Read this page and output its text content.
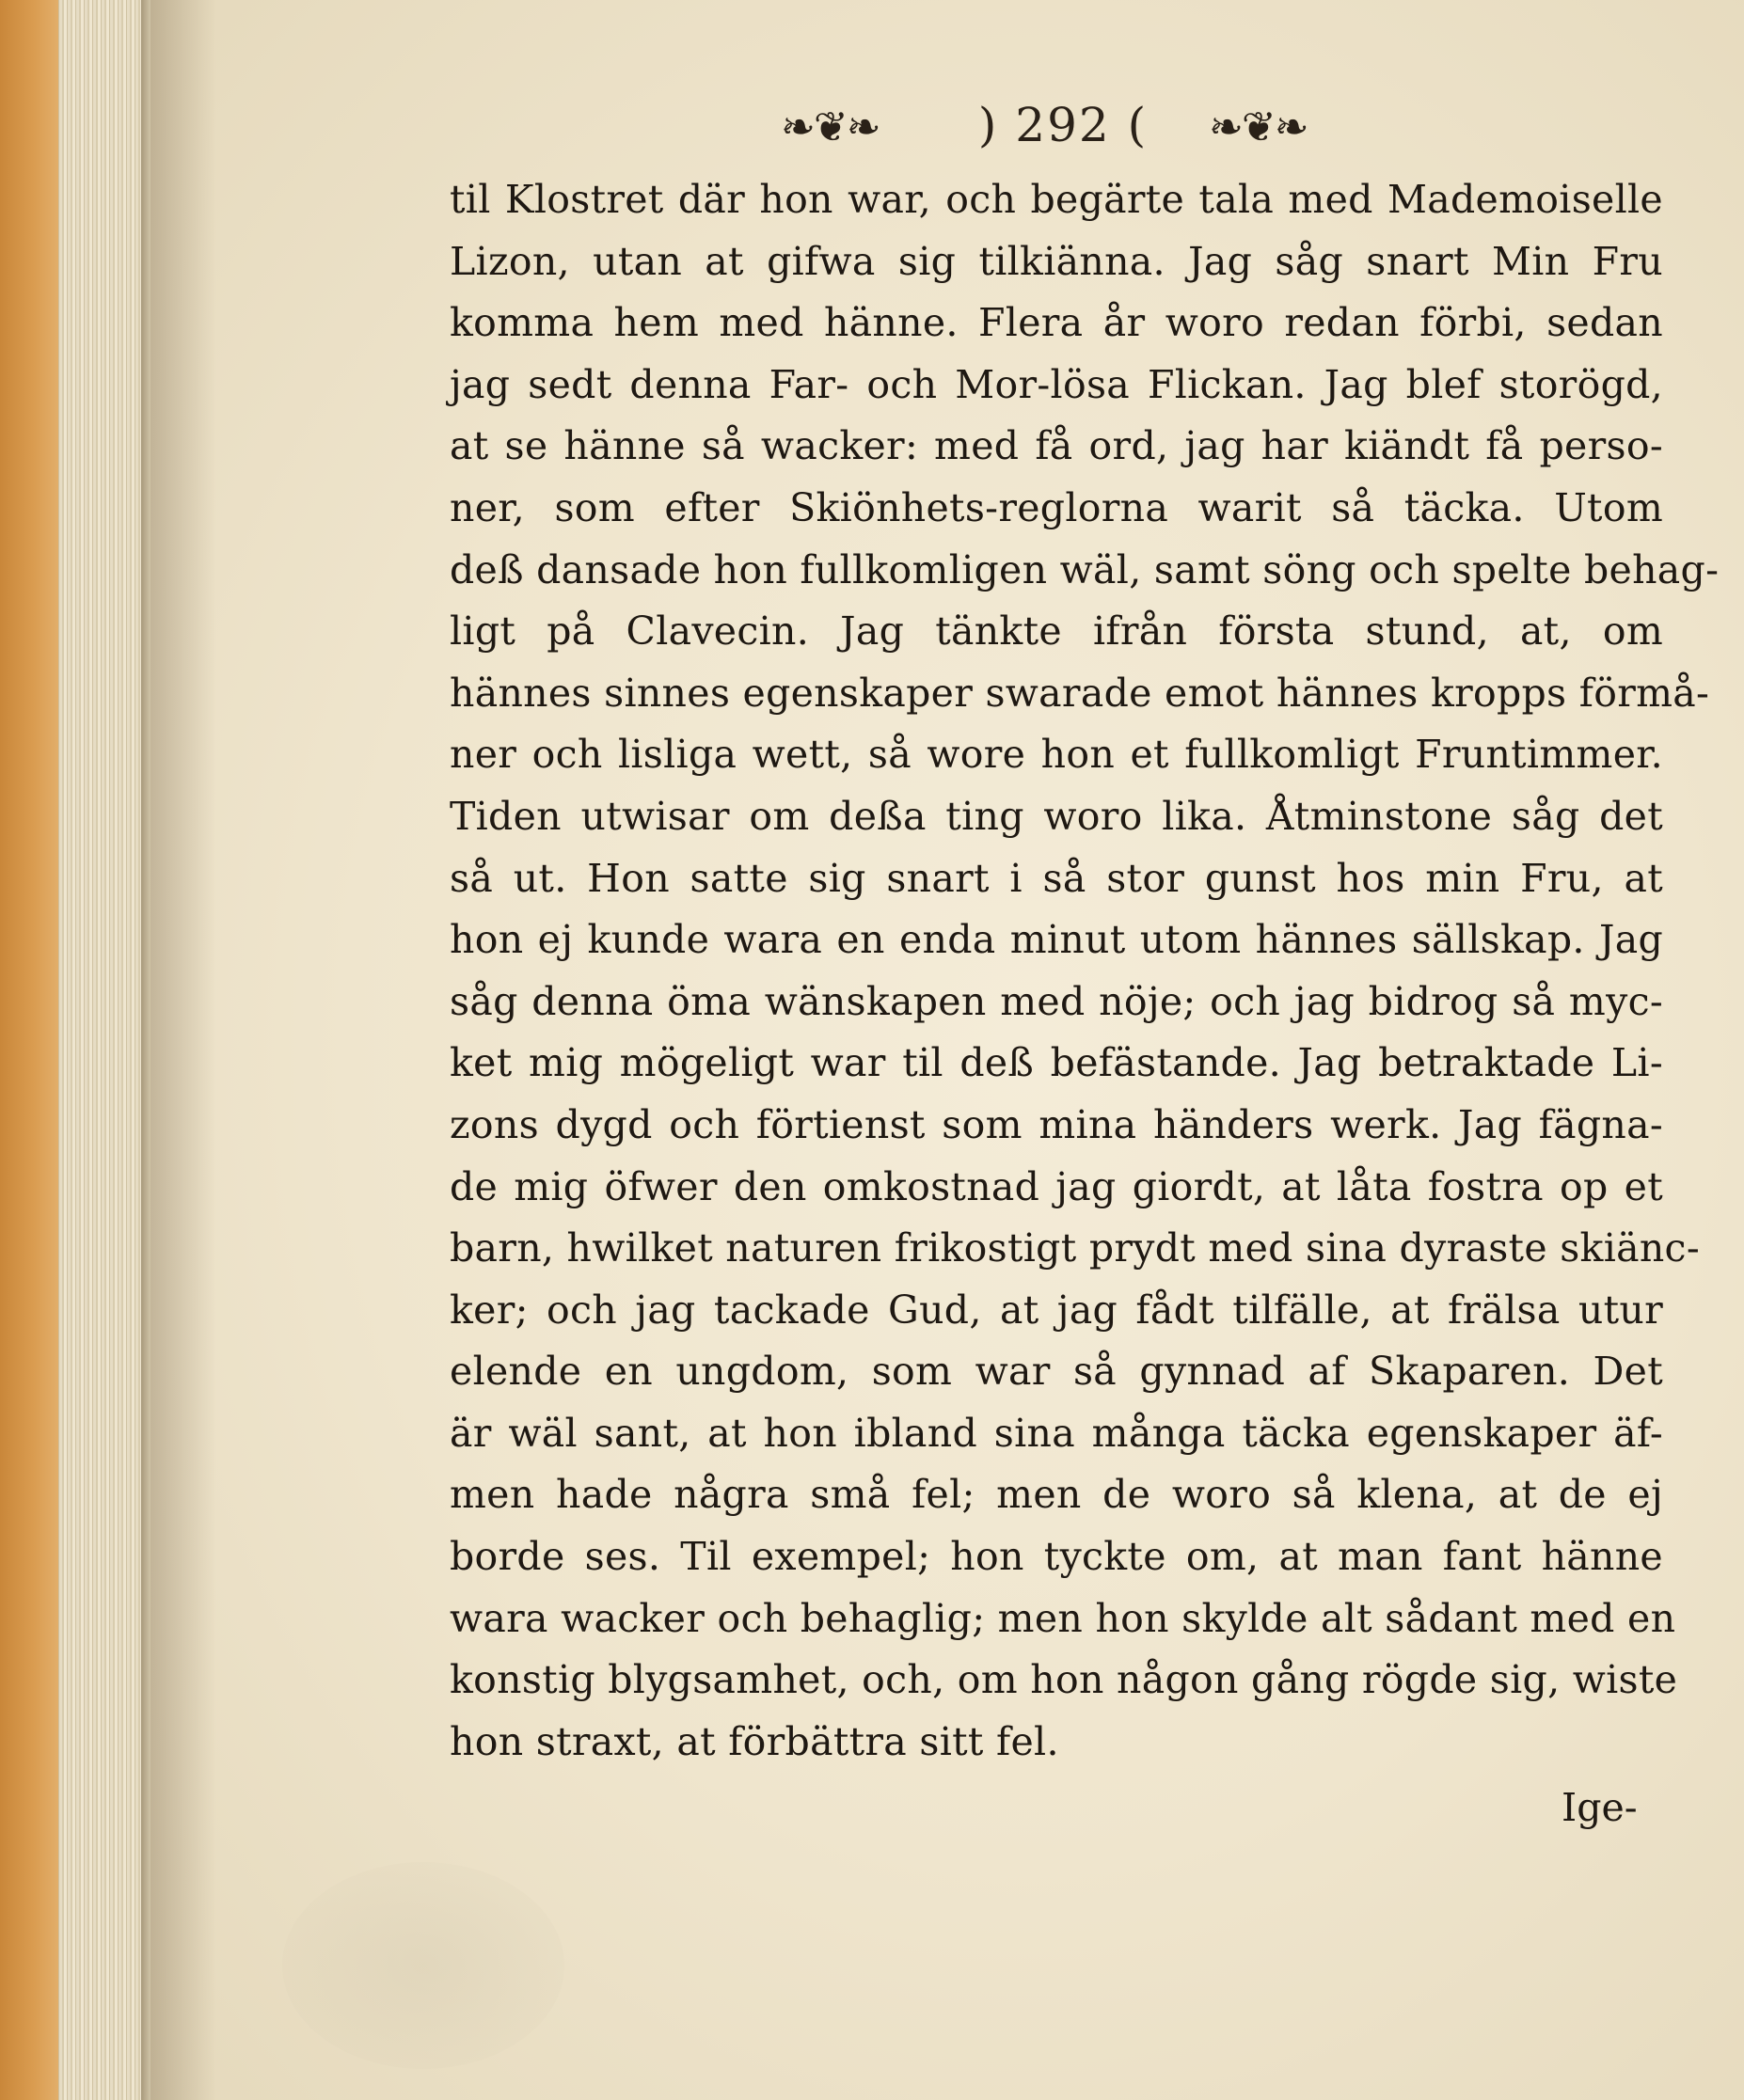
❧❦❧	) 292 (	❧❦❧
til Klostret där hon war, och begärte tala med Mademoiselle
Lizon, utan at gifwa sig tilkiänna. Jag såg snart Min Fru
komma hem med hänne. Flera år woro redan förbi, sedan
jag sedt denna Far- och Mor-lösa Flickan. Jag blef storögd,
at se hänne så wacker: med få ord, jag har kiändt få perso-
ner, som efter Skiönhets-reglorna warit så täcka. Utom
deß dansade hon fullkomligen wäl, samt söng och spelte behag-
ligt på Clavecin. Jag tänkte ifrån första stund, at, om
hännes sinnes egenskaper swarade emot hännes kropps förmå-
ner och lisliga wett, så wore hon et fullkomligt Fruntimmer.
Tiden utwisar om deßa ting woro lika. Åtminstone såg det
så ut. Hon satte sig snart i så stor gunst hos min Fru, at
hon ej kunde wara en enda minut utom hännes sällskap. Jag
såg denna öma wänskapen med nöje; och jag bidrog så myc-
ket mig mögeligt war til deß befästande. Jag betraktade Li-
zons dygd och förtienst som mina händers werk. Jag fägna-
de mig öfwer den omkostnad jag giordt, at låta fostra op et
barn, hwilket naturen frikostigt prydt med sina dyraste skiänc-
ker; och jag tackade Gud, at jag fådt tilfälle, at frälsa utur
elende en ungdom, som war så gynnad af Skaparen. Det
är wäl sant, at hon ibland sina många täcka egenskaper äf-
men hade några små fel; men de woro så klena, at de ej
borde ses. Til exempel; hon tyckte om, at man fant hänne
wara wacker och behaglig; men hon skylde alt sådant med en
konstig blygsamhet, och, om hon någon gång rögde sig, wiste
hon straxt, at förbättra sitt fel.
Ige-
